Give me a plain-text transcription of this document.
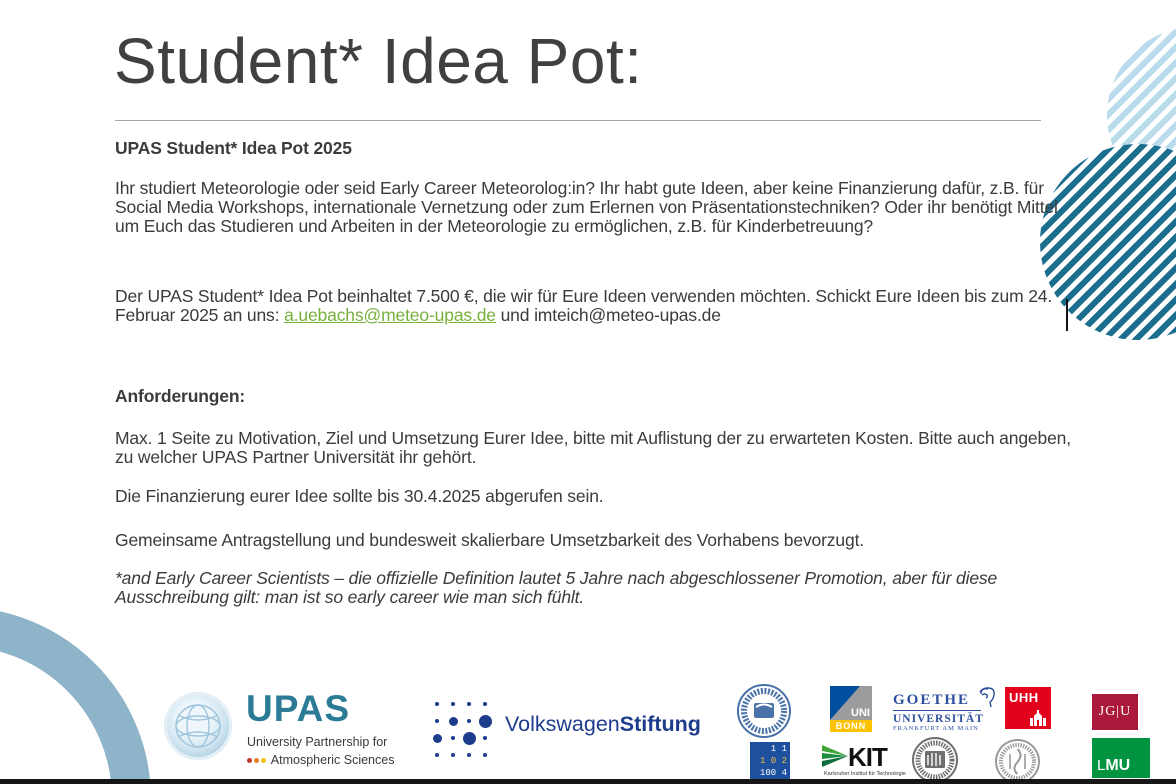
Student* Idea Pot:
UPAS Student* Idea Pot 2025
Ihr studiert Meteorologie oder seid Early Career Meteorolog:in? Ihr habt gute Ideen, aber keine Finanzierung dafür, z.B. für Social Media Workshops, internationale Vernetzung oder zum Erlernen von Präsentationstechniken? Oder ihr benötigt Mittel um Euch das Studieren und Arbeiten in der Meteorologie zu ermöglichen, z.B. für Kinderbetreuung?
Der UPAS Student* Idea Pot beinhaltet 7.500 €, die wir für Eure Ideen verwenden möchten. Schickt Eure Ideen bis zum 24. Februar 2025 an uns: a.uebachs@meteo-upas.de und imteich@meteo-upas.de
Anforderungen:
Max. 1 Seite zu Motivation, Ziel und Umsetzung Eurer Idee, bitte mit Auflistung der zu erwarteten Kosten. Bitte auch angeben, zu welcher UPAS Partner Universität ihr gehört.
Die Finanzierung eurer Idee sollte bis 30.4.2025 abgerufen sein.
Gemeinsame Antragstellung und bundesweit skalierbare Umsetzbarkeit des Vorhabens bevorzugt.
*and Early Career Scientists – die offizielle Definition lautet 5 Jahre nach abgeschlossener Promotion, aber für diese Ausschreibung gilt: man ist so early career wie man sich fühlt.
UPAS
University Partnership for
Atmospheric Sciences
VolkswagenStiftung	UNI
BONN
GOETHE
UNIVERSITÄT
FRANKFURT AM MAIN
UHH
JG|U
1 1
1 0 2
100 4
KIT
Karlsruher Institut für Technologie	LMU
